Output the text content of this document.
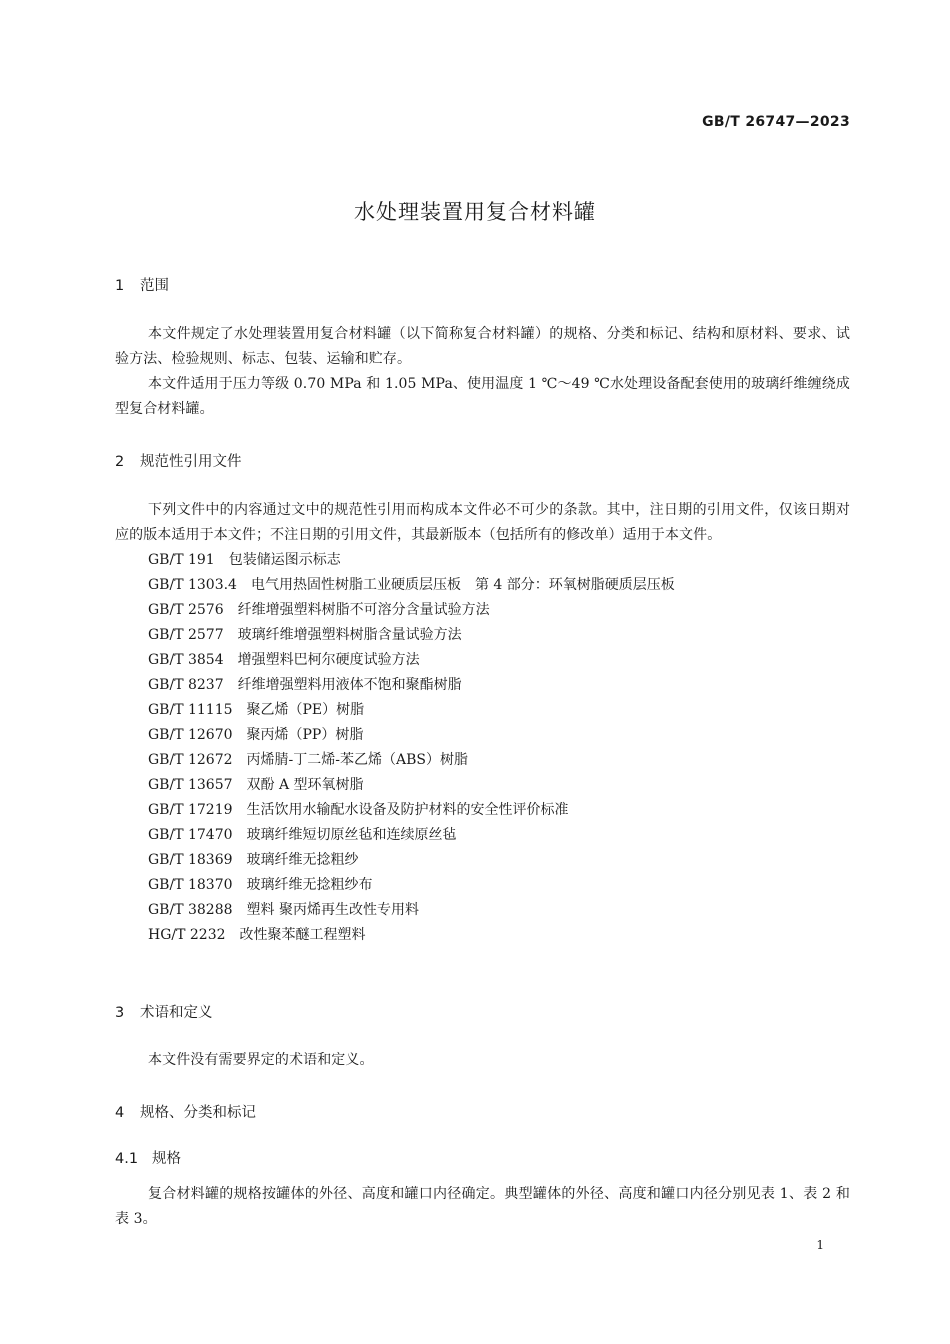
GB/T 26747—2023
水处理装置用复合材料罐
1 范围

本文件规定了水处理装置用复合材料罐（以下简称复合材料罐）的规格、分类和标记、结构和原材料、要求、试验方法、检验规则、标志、包装、运输和贮存。

本文件适用于压力等级 0.70 MPa 和 1.05 MPa、使用温度 1 ℃～49 ℃水处理设备配套使用的玻璃纤维缠绕成型复合材料罐。

2 规范性引用文件

下列文件中的内容通过文中的规范性引用而构成本文件必不可少的条款。其中，注日期的引用文件，仅该日期对应的版本适用于本文件；不注日期的引用文件，其最新版本（包括所有的修改单）适用于本文件。

GB/T 191 包装储运图示标志
GB/T 1303.4 电气用热固性树脂工业硬质层压板　第 4 部分：环氧树脂硬质层压板
GB/T 2576 纤维增强塑料树脂不可溶分含量试验方法
GB/T 2577 玻璃纤维增强塑料树脂含量试验方法
GB/T 3854 增强塑料巴柯尔硬度试验方法
GB/T 8237 纤维增强塑料用液体不饱和聚酯树脂
GB/T 11115 聚乙烯（PE）树脂
GB/T 12670 聚丙烯（PP）树脂
GB/T 12672 丙烯腈-丁二烯-苯乙烯（ABS）树脂
GB/T 13657 双酚 A 型环氧树脂
GB/T 17219 生活饮用水输配水设备及防护材料的安全性评价标准
GB/T 17470 玻璃纤维短切原丝毡和连续原丝毡
GB/T 18369 玻璃纤维无捻粗纱
GB/T 18370 玻璃纤维无捻粗纱布
GB/T 38288 塑料 聚丙烯再生改性专用料
HG/T 2232 改性聚苯醚工程塑料
3 术语和定义

本文件没有需要界定的术语和定义。

4 规格、分类和标记
4.1 规格

复合材料罐的规格按罐体的外径、高度和罐口内径确定。典型罐体的外径、高度和罐口内径分别见表 1、表 2 和表 3。

1
